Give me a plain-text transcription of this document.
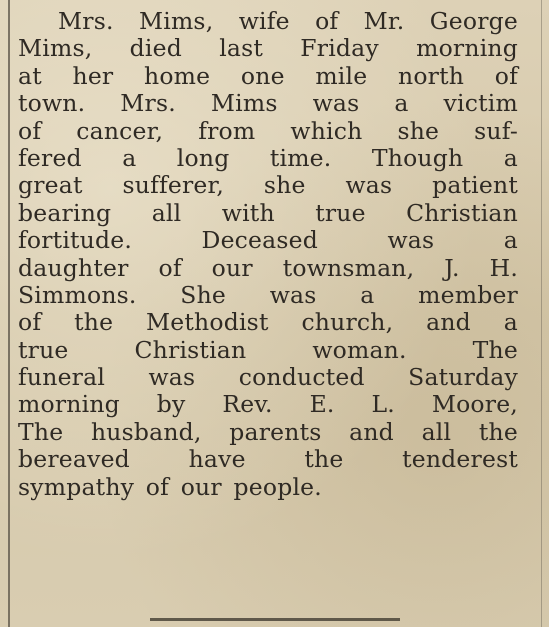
Mrs. Mims, wife of Mr. George
Mims, died last Friday morning
at her home one mile north of
town. Mrs. Mims was a victim
of cancer, from which she suf-
fered a long time. Though a
great sufferer, she was patient
bearing all with true Christian
fortitude.	Deceased	was	a
daughter of our townsman, J. H.
Simmons. She was a member
of the Methodist church, and a
true	Christian	woman.	The
funeral was conducted Saturday
morning by Rev. E. L. Moore,
The husband, parents and all the
bereaved have the tenderest
sympathy of our people.
